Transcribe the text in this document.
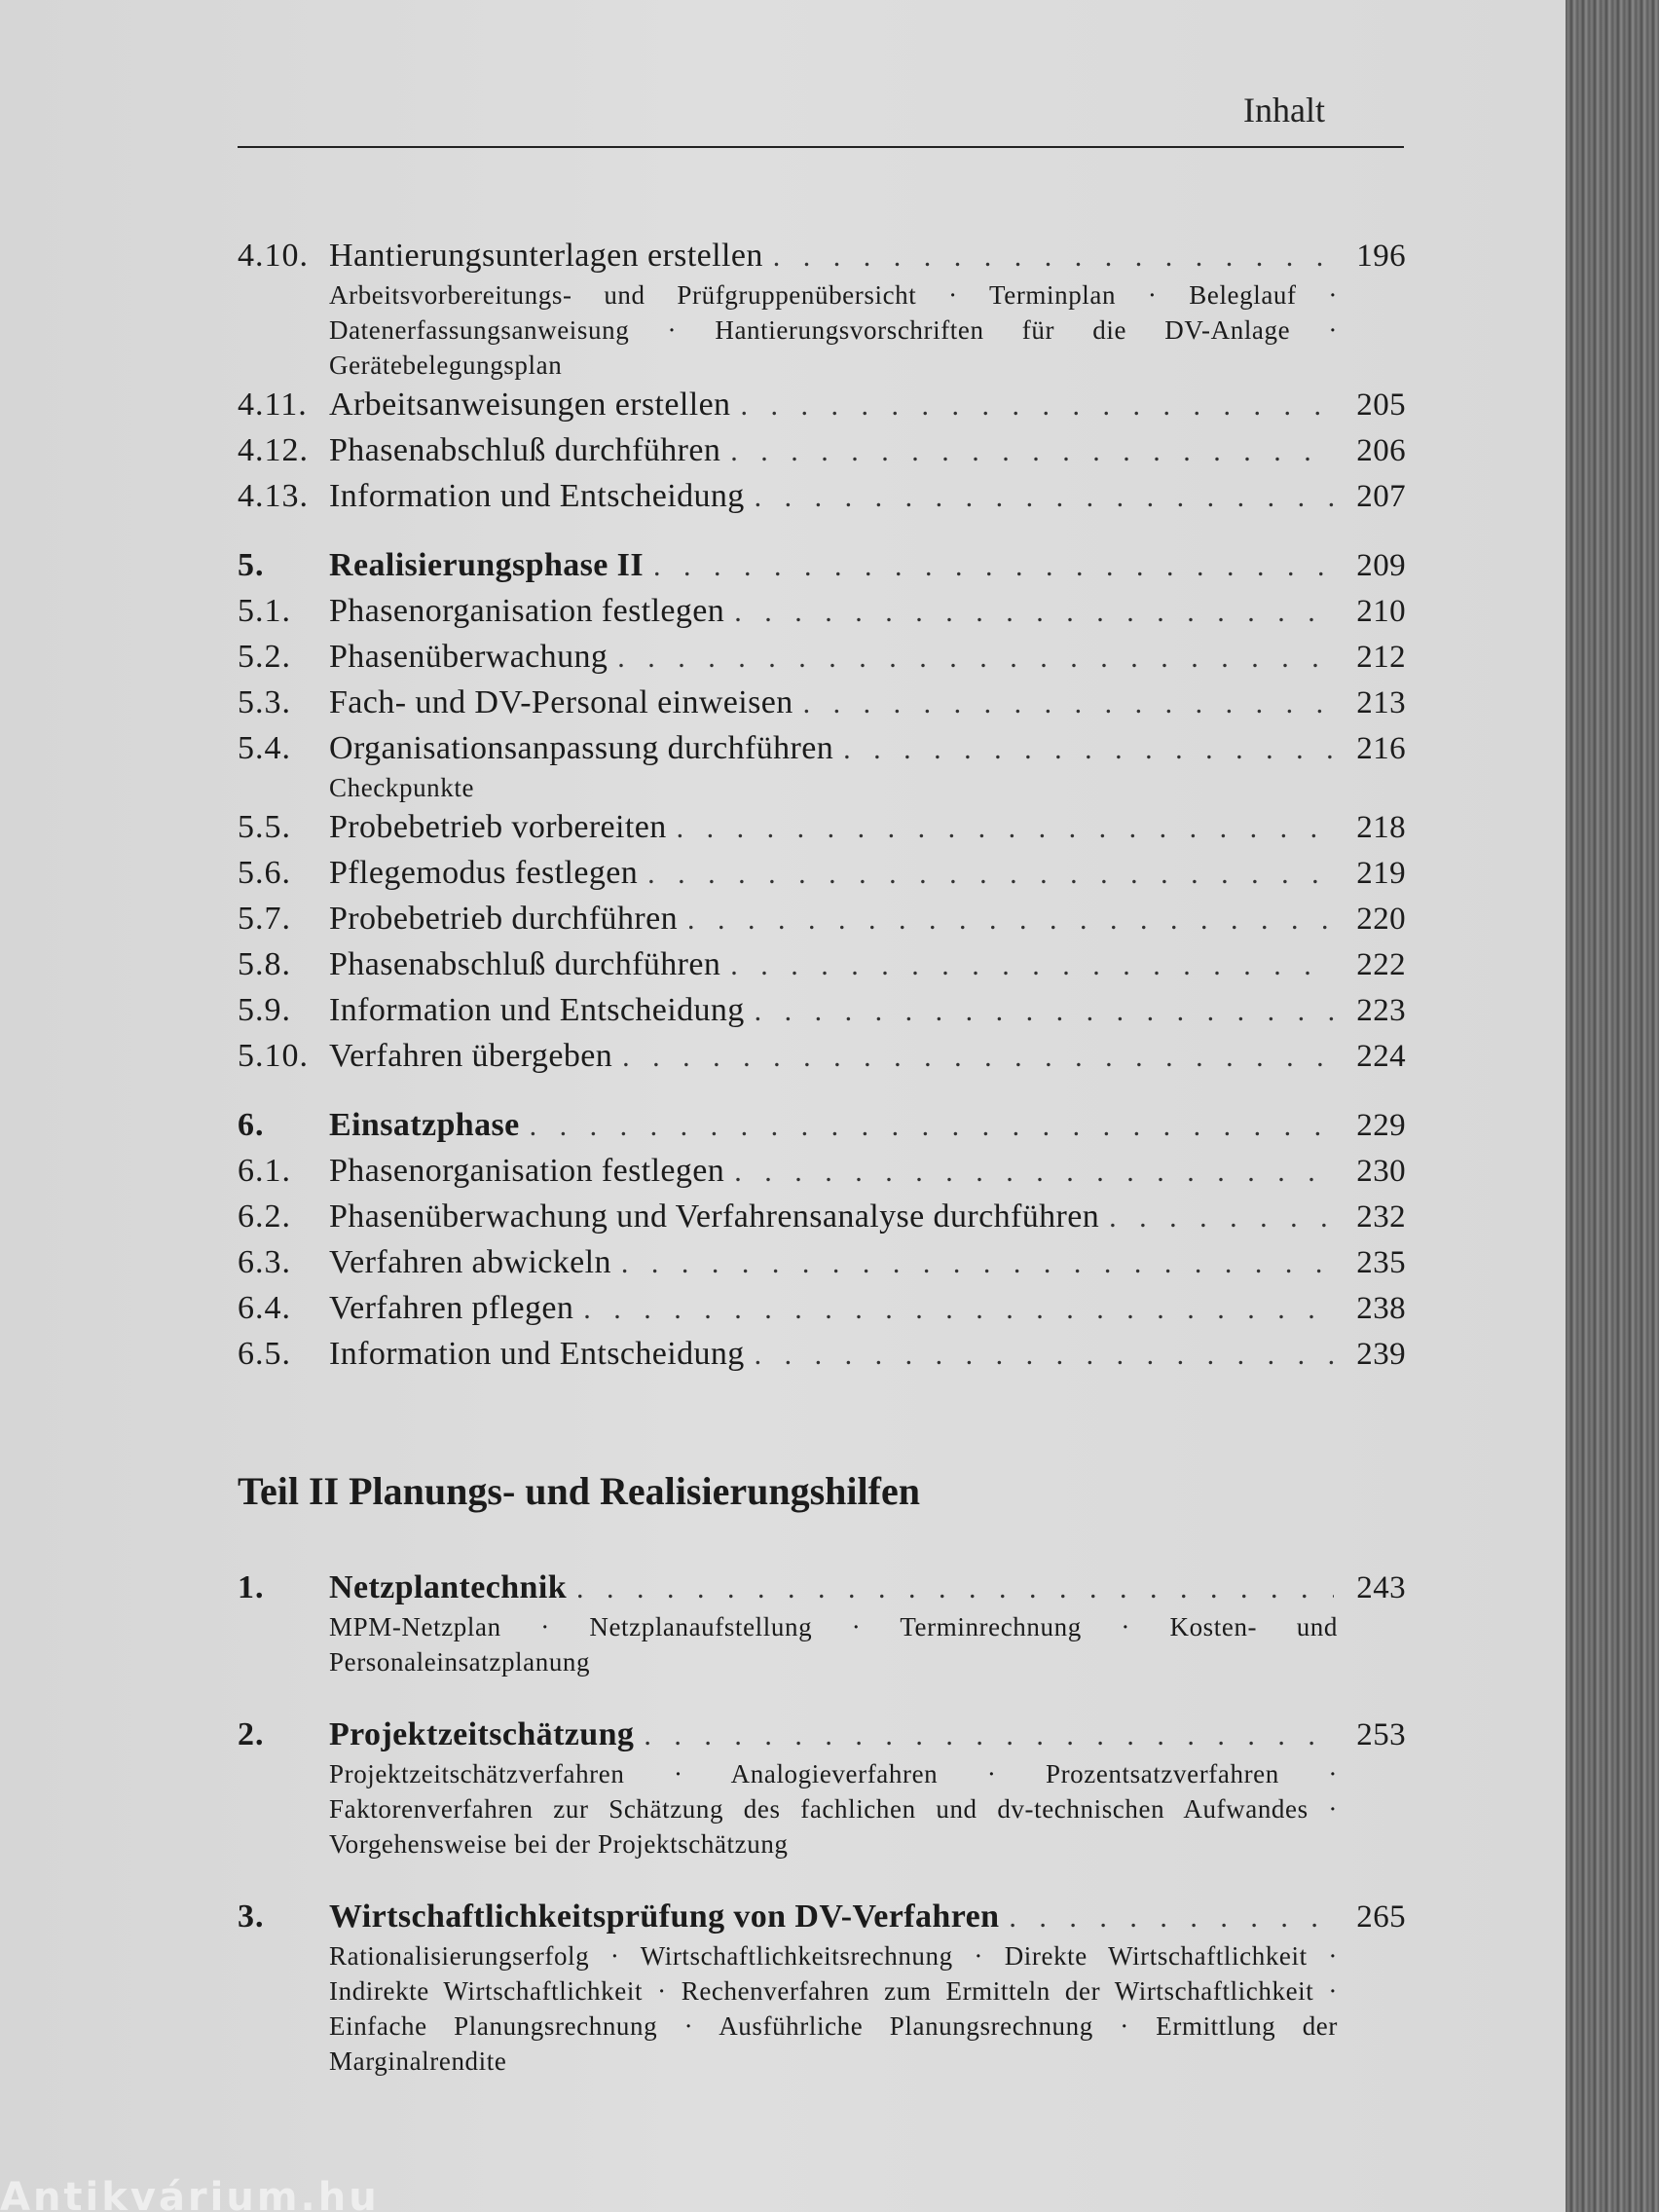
Inhalt
4.10. Hantierungsunterlagen erstellen . . .	196
Arbeitsvorbereitungs- und Prüfgruppenübersicht · Terminplan · Beleglauf · Datenerfassungsanweisung · Hantierungsvorschriften für die DV-Anlage · Gerätebelegungsplan
4.11. Arbeitsanweisungen erstellen . . .	205
4.12. Phasenabschluß durchführen . . .	206
4.13. Information und Entscheidung . . .	207
5.	Realisierungsphase II . . .	209
5.1.	Phasenorganisation festlegen . . .	210
5.2.	Phasenüberwachung . . .	212
5.3.	Fach- und DV-Personal einweisen . . .	213
5.4.	Organisationsanpassung durchführen . . .	216
Checkpunkte
5.5.	Probebetrieb vorbereiten . . .	218
5.6.	Pflegemodus festlegen . . .	219
5.7.	Probebetrieb durchführen . . .	220
5.8.	Phasenabschluß durchführen . . .	222
5.9.	Information und Entscheidung . . .	223
5.10. Verfahren übergeben . . .	224
6.	Einsatzphase . . .	229
6.1.	Phasenorganisation festlegen . . .	230
6.2.	Phasenüberwachung und Verfahrensanalyse durchführen . . .	232
6.3.	Verfahren abwickeln . . .	235
6.4.	Verfahren pflegen . . .	238
6.5.	Information und Entscheidung . . .	239
Teil II Planungs- und Realisierungshilfen
1.	Netzplantechnik . . .	243
MPM-Netzplan · Netzplanaufstellung · Terminrechnung · Kosten- und Personaleinsatzplanung
2.	Projektzeitschätzung . . .	253
Projektzeitschätzverfahren · Analogieverfahren · Prozentsatzverfahren · Faktorenverfahren zur Schätzung des fachlichen und dv-technischen Aufwandes · Vorgehensweise bei der Projektschätzung
3.	Wirtschaftlichkeitsprüfung von DV-Verfahren . . .	265
Rationalisierungserfolg · Wirtschaftlichkeitsrechnung · Direkte Wirtschaftlichkeit · Indirekte Wirtschaftlichkeit · Rechenverfahren zum Ermitteln der Wirtschaftlichkeit · Einfache Planungsrechnung · Ausführliche Planungsrechnung · Ermittlung der Marginalrendite
Antikvárium.hu
